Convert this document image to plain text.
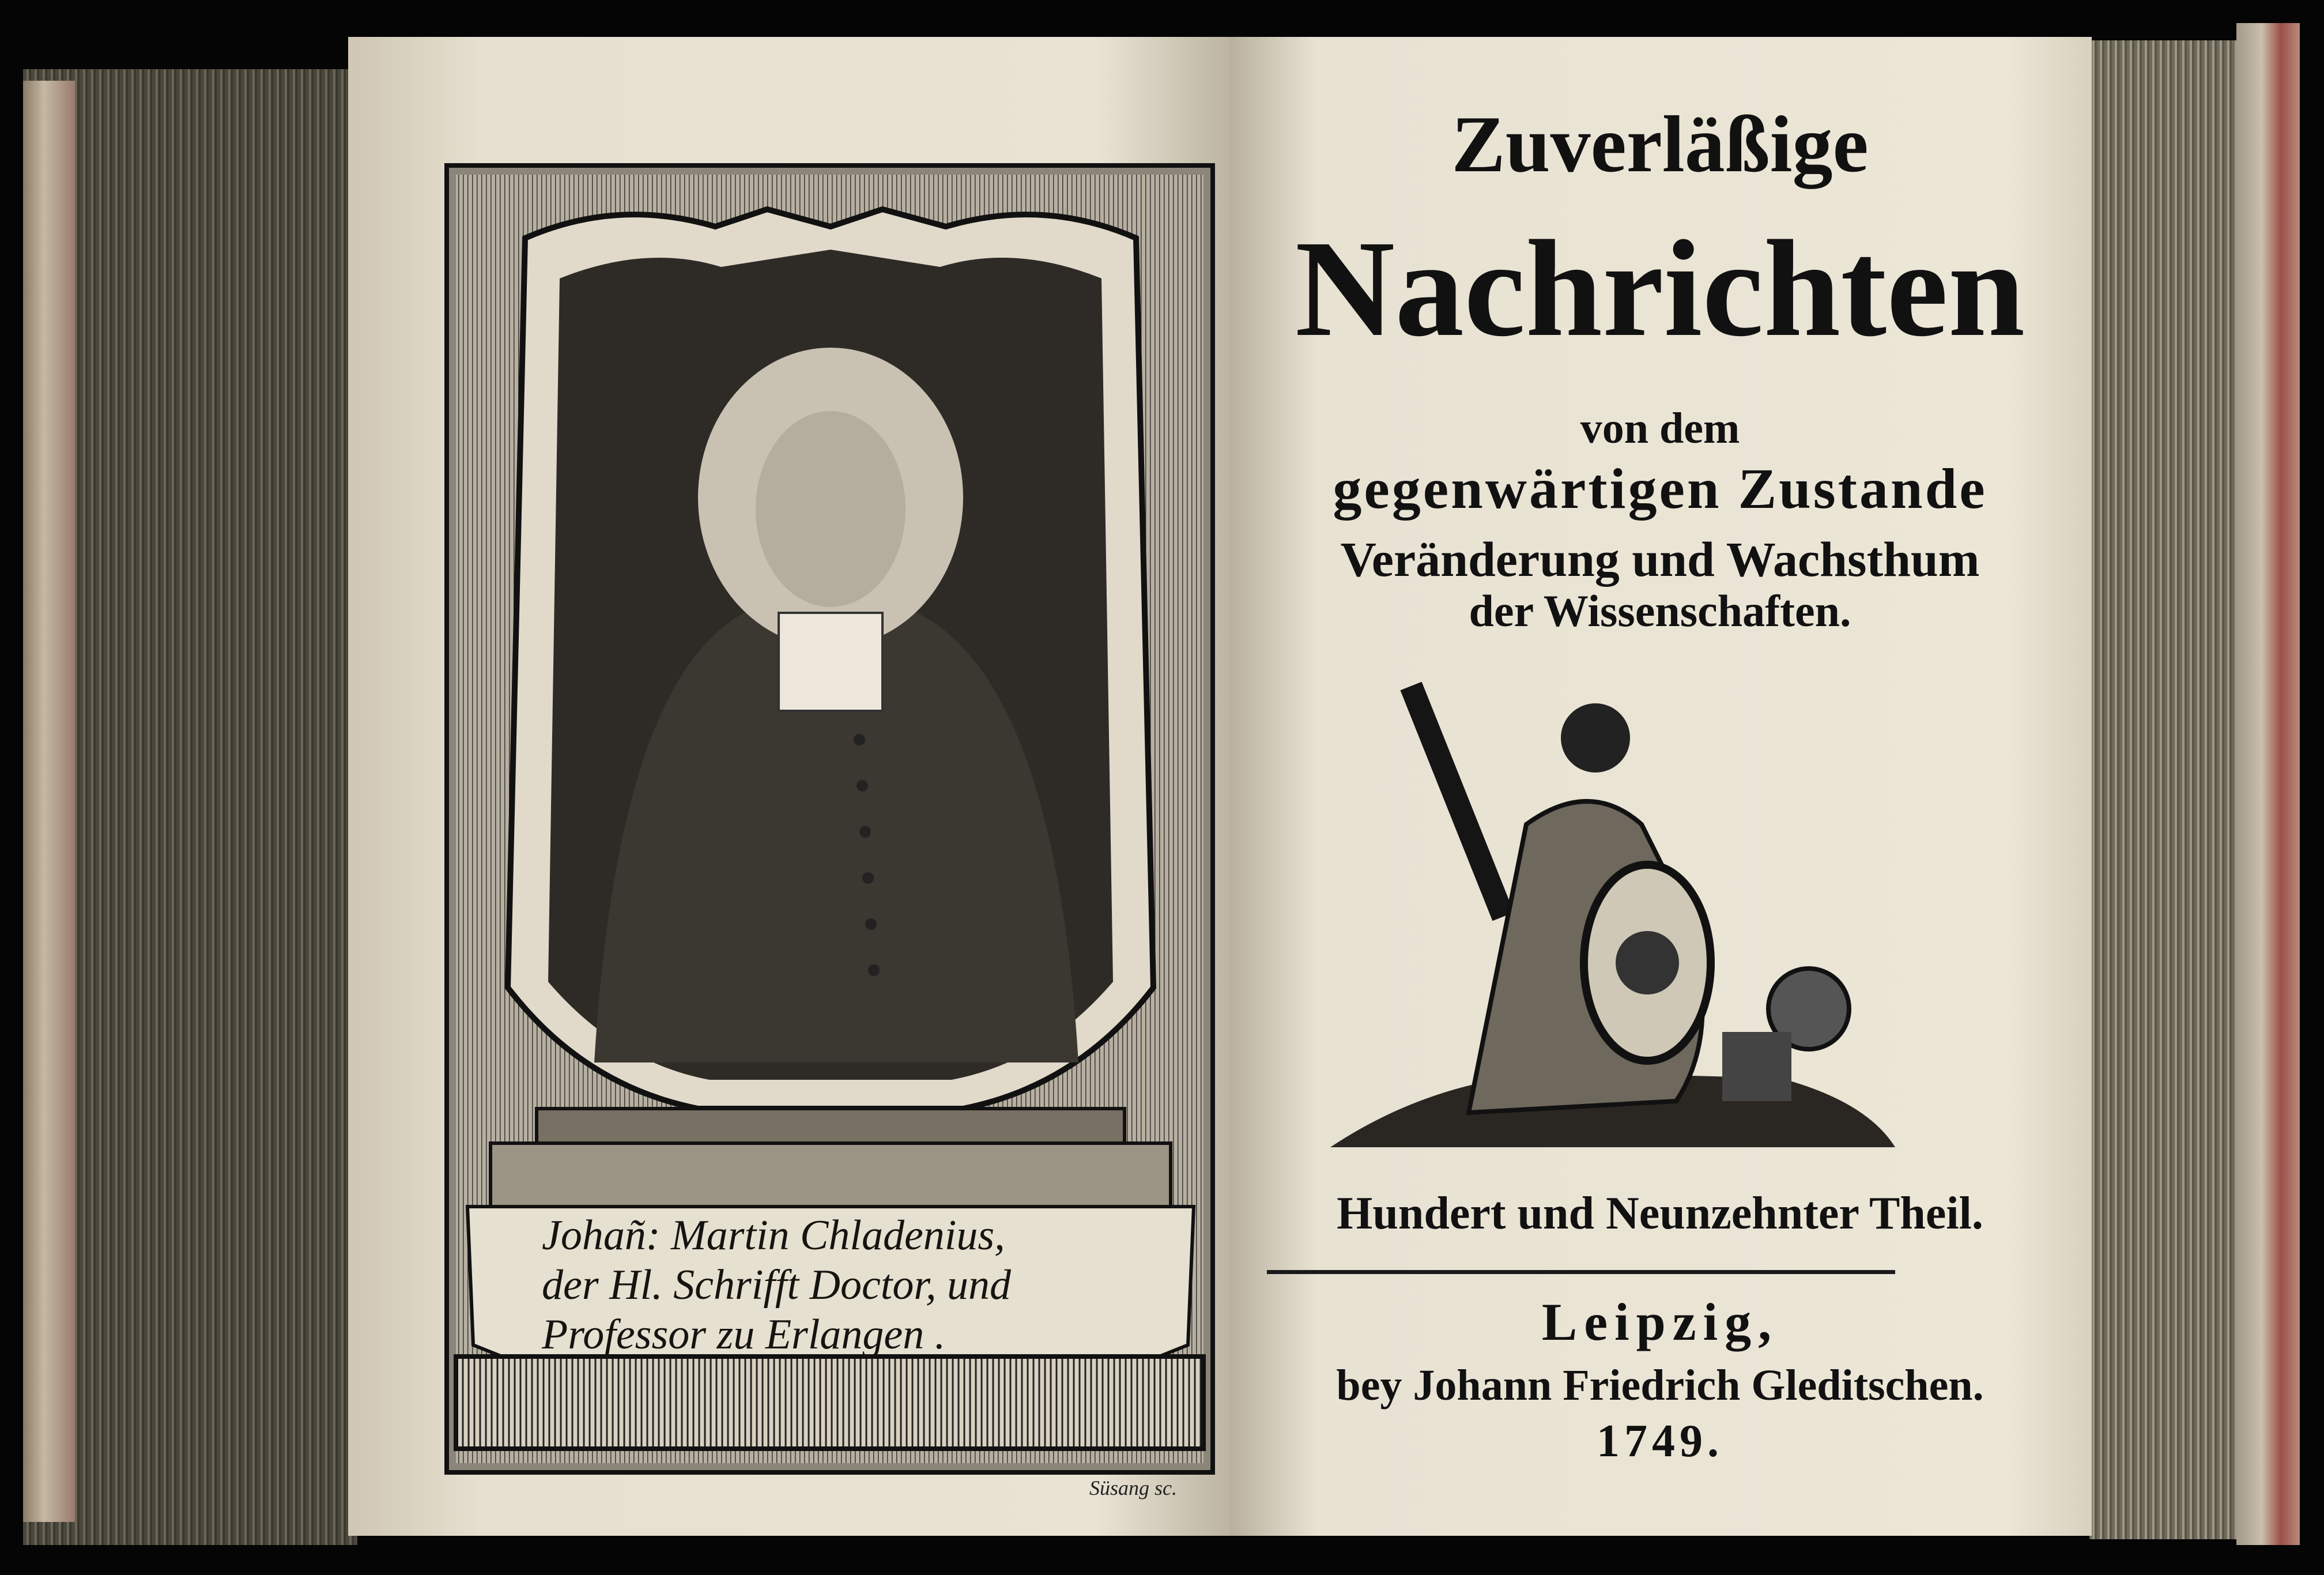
Johañ: Martin Chladenius,
der Hl. Schrifft Doctor, und
Professor zu Erlangen .
Süsang sc.
Zuverläßige
Nachrichten
von dem
gegenwärtigen Zustande
Veränderung und Wachsthum
der Wissenschaften.
Hundert und Neunzehnter Theil.
Leipzig,
bey Johann Friedrich Gleditschen.
1749.
